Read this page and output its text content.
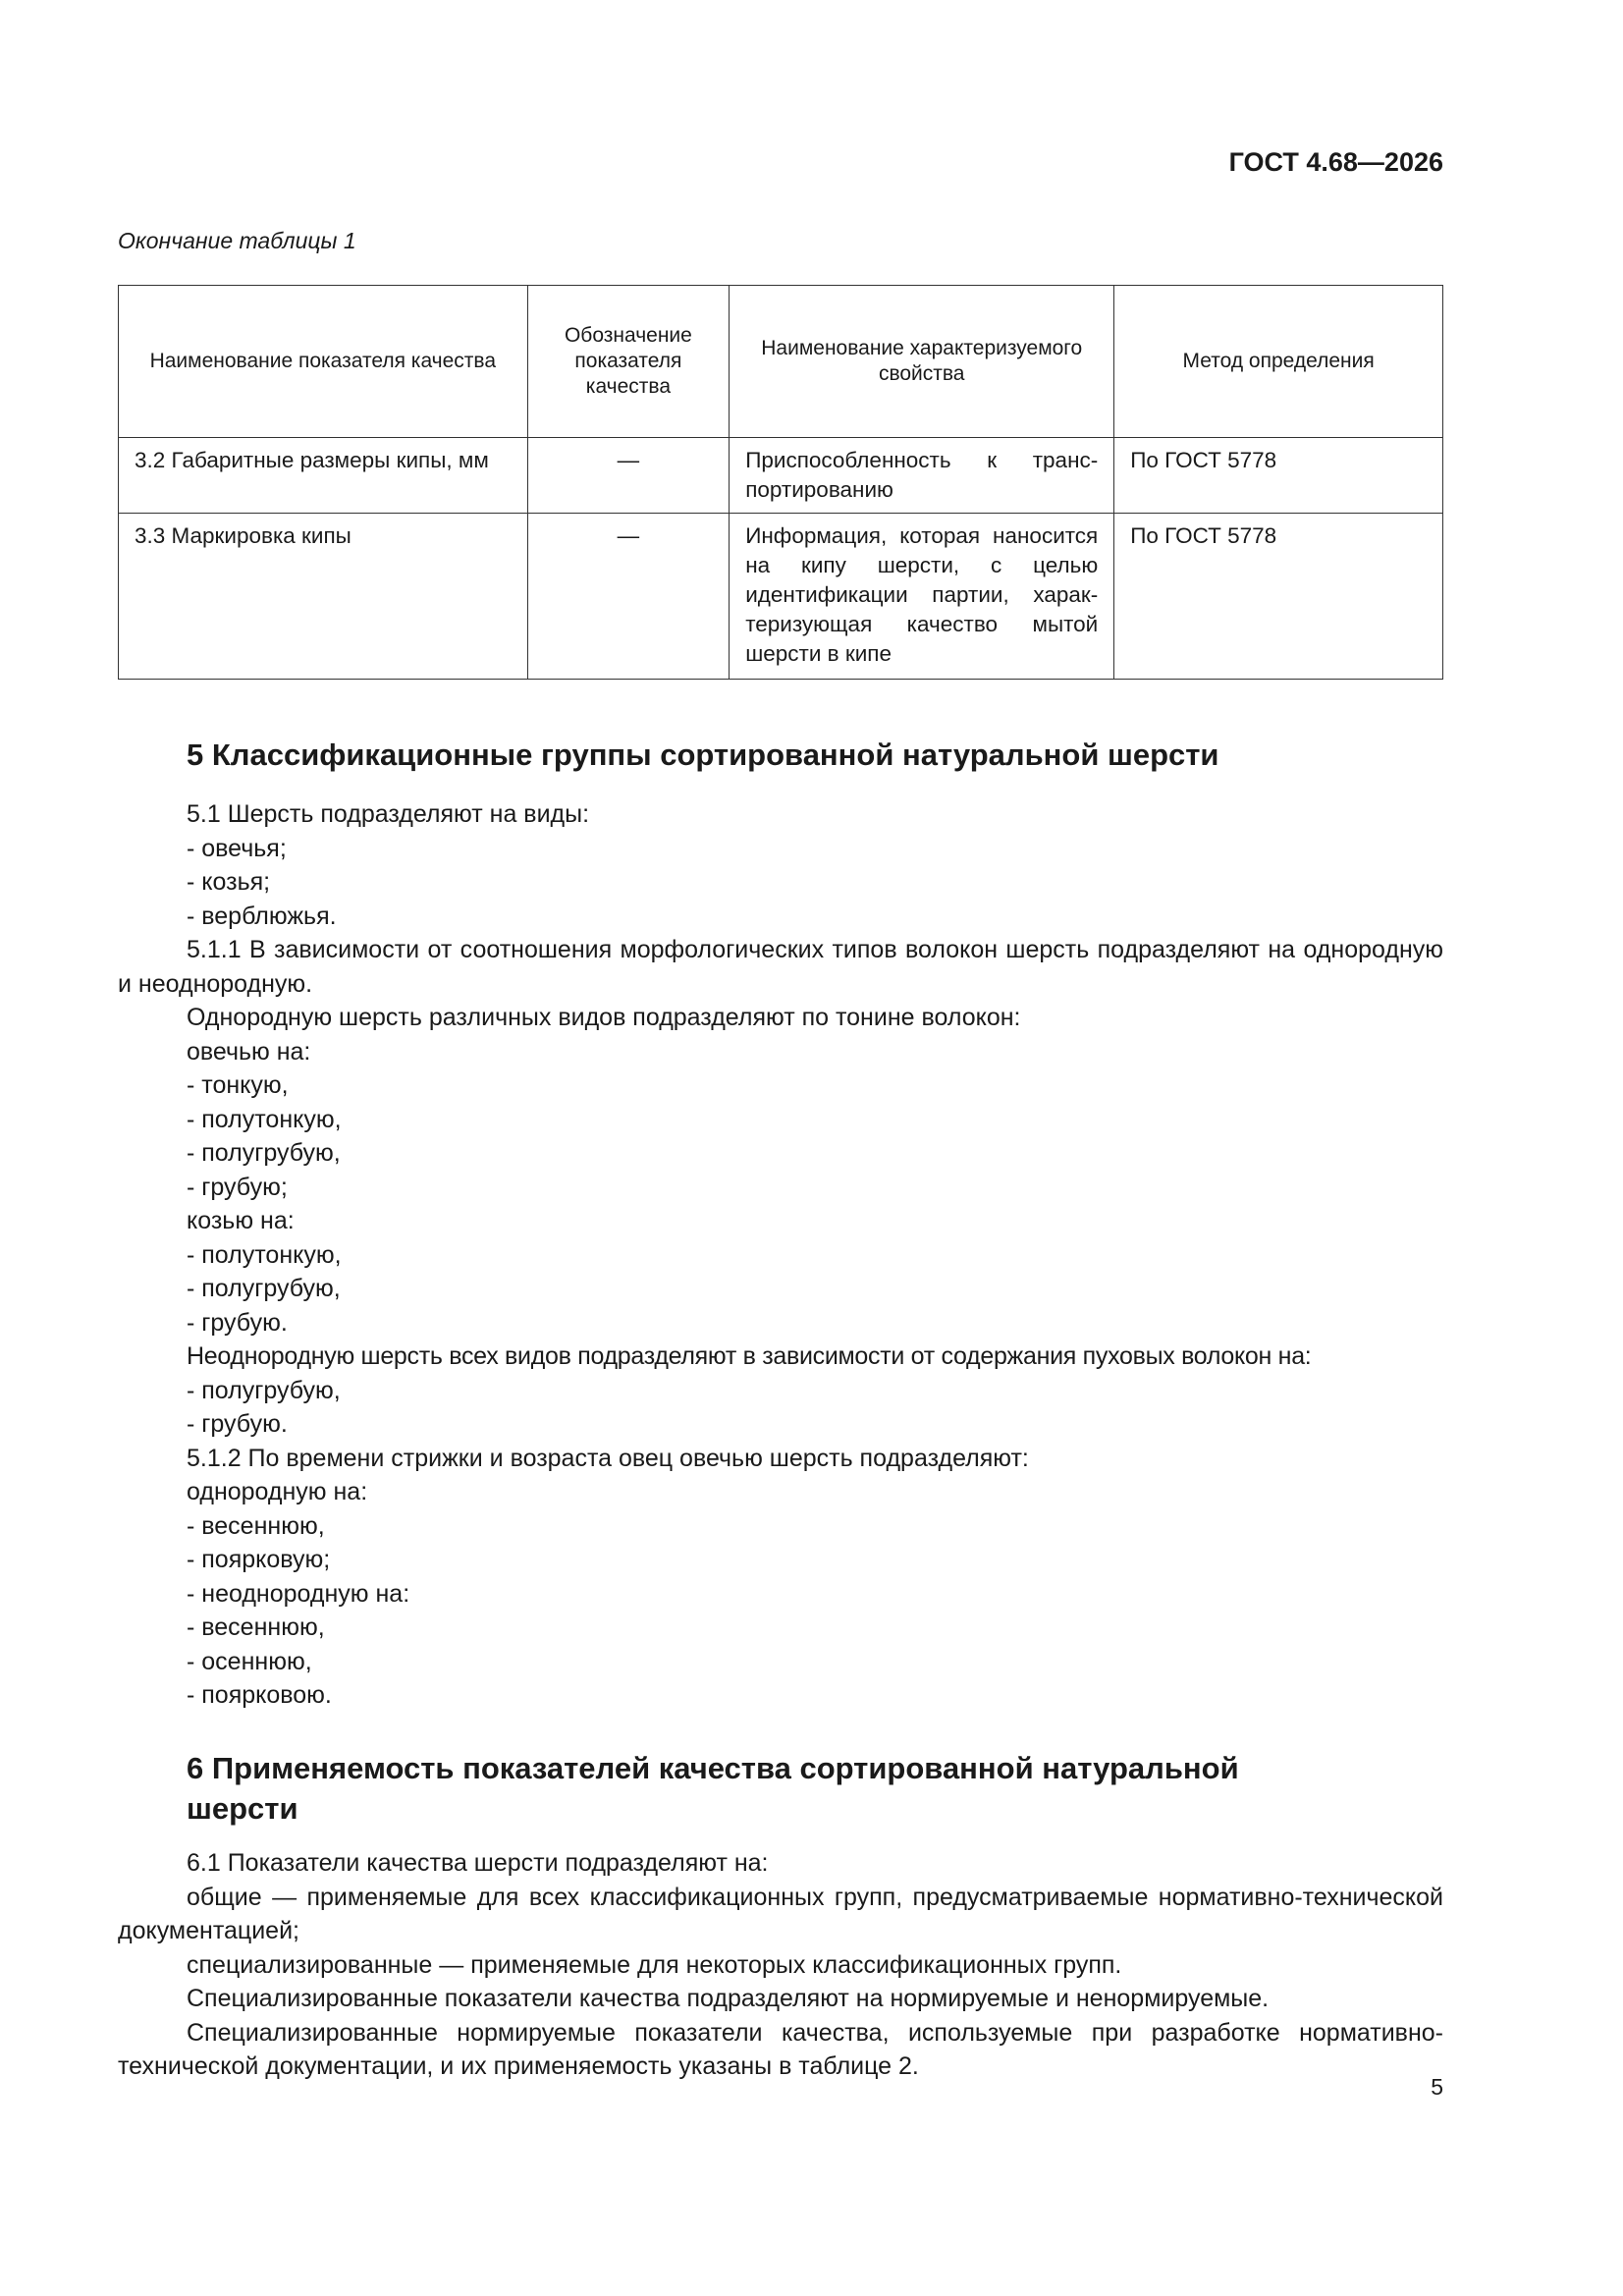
ГОСТ 4.68—2026
Окончание таблицы 1
Наименование показателя качества	Обозначение показателя качества	Наименование характеризуемого свойства	Метод определения
3.2 Габаритные размеры кипы, мм	—	Приспособленность к транспортированию	По ГОСТ 5778
3.3 Маркировка кипы	—	Информация, которая наносится на кипу шерсти, с целью идентификации партии, характеризующая качество мытой шерсти в кипе	По ГОСТ 5778
5 Классификационные группы сортированной натуральной шерсти

5.1 Шерсть подразделяют на виды:

- овечья;

- козья;

- верблюжья.

5.1.1 В зависимости от соотношения морфологических типов волокон шерсть подразделяют на однородную и неоднородную.

Однородную шерсть различных видов подразделяют по тонине волокон:

овечью на:

- тонкую,

- полутонкую,

- полугрубую,

- грубую;

козью на:

- полутонкую,

- полугрубую,

- грубую.

Неоднородную шерсть всех видов подразделяют в зависимости от содержания пуховых волокон на:

- полугрубую,

- грубую.

5.1.2 По времени стрижки и возраста овец овечью шерсть подразделяют:

однородную на:

- весеннюю,

- поярковую;

- неоднородную на:

- весеннюю,

- осеннюю,

- поярковою.

6 Применяемость показателей качества сортированной натуральной
шерсти

6.1 Показатели качества шерсти подразделяют на:

общие — применяемые для всех классификационных групп, предусматриваемые нормативно-технической документацией;

специализированные — применяемые для некоторых классификационных групп.

Специализированные показатели качества подразделяют на нормируемые и ненормируемые.

Специализированные нормируемые показатели качества, используемые при разработке нормативно-технической документации, и их применяемость указаны в таблице 2.

5
